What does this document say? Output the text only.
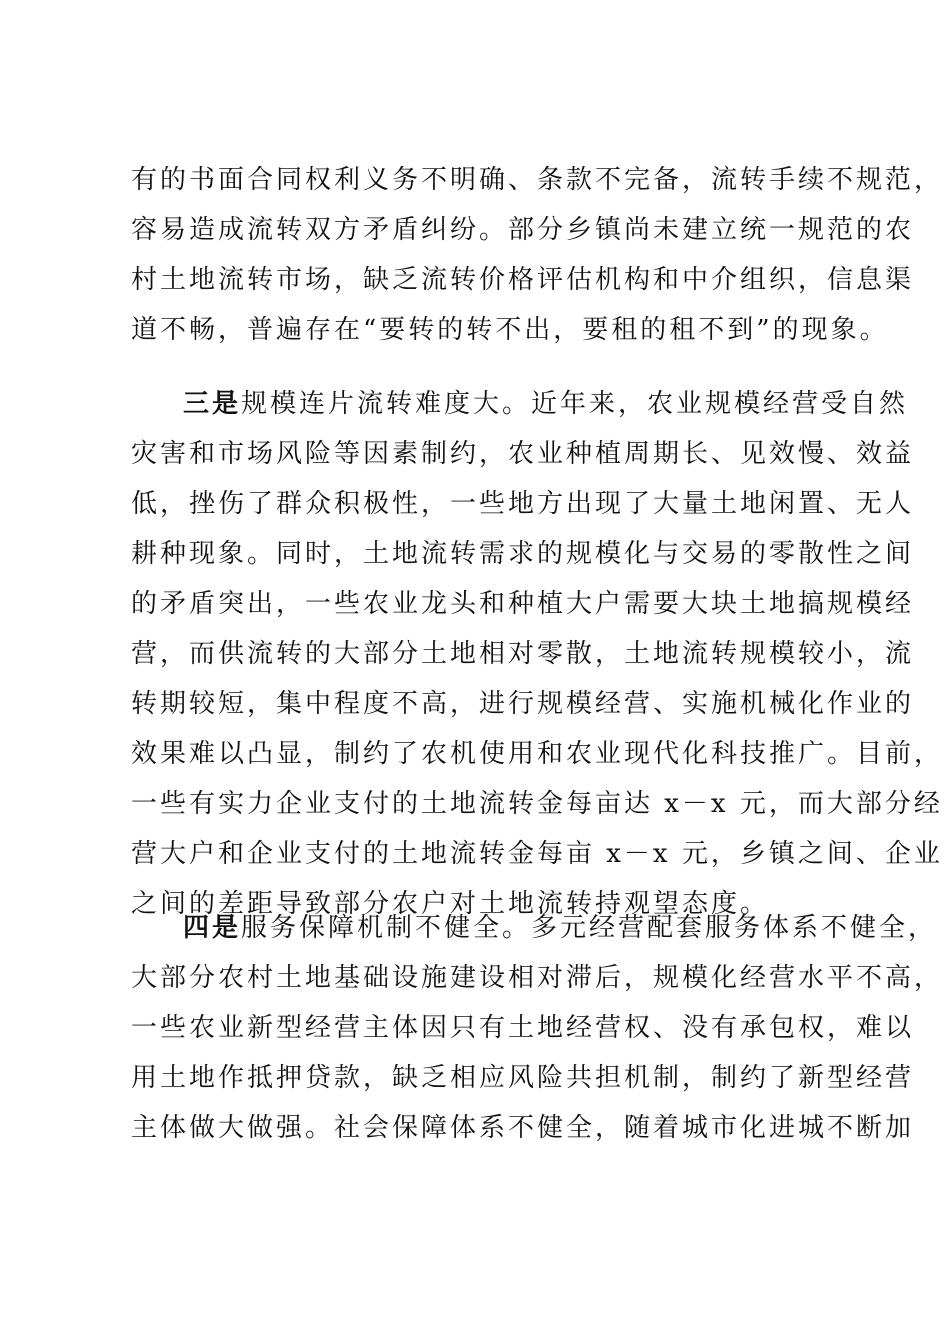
有的书面合同权利义务不明确、条款不完备，流转手续不规范，
容易造成流转双方矛盾纠纷。部分乡镇尚未建立统一规范的农
村土地流转市场，缺乏流转价格评估机构和中介组织，信息渠
道不畅，普遍存在“要转的转不出，要租的租不到”的现象。
三是规模连片流转难度大。近年来，农业规模经营受自然
灾害和市场风险等因素制约，农业种植周期长、见效慢、效益
低，挫伤了群众积极性，一些地方出现了大量土地闲置、无人
耕种现象。同时，土地流转需求的规模化与交易的零散性之间
的矛盾突出，一些农业龙头和种植大户需要大块土地搞规模经
营，而供流转的大部分土地相对零散，土地流转规模较小，流
转期较短，集中程度不高，进行规模经营、实施机械化作业的
效果难以凸显，制约了农机使用和农业现代化科技推广。目前，
一些有实力企业支付的土地流转金每亩达 x－x 元，而大部分经
营大户和企业支付的土地流转金每亩 x－x 元，乡镇之间、企业
之间的差距导致部分农户对土地流转持观望态度。
四是服务保障机制不健全。多元经营配套服务体系不健全，
大部分农村土地基础设施建设相对滞后，规模化经营水平不高，
一些农业新型经营主体因只有土地经营权、没有承包权，难以
用土地作抵押贷款，缺乏相应风险共担机制，制约了新型经营
主体做大做强。社会保障体系不健全，随着城市化进城不断加
